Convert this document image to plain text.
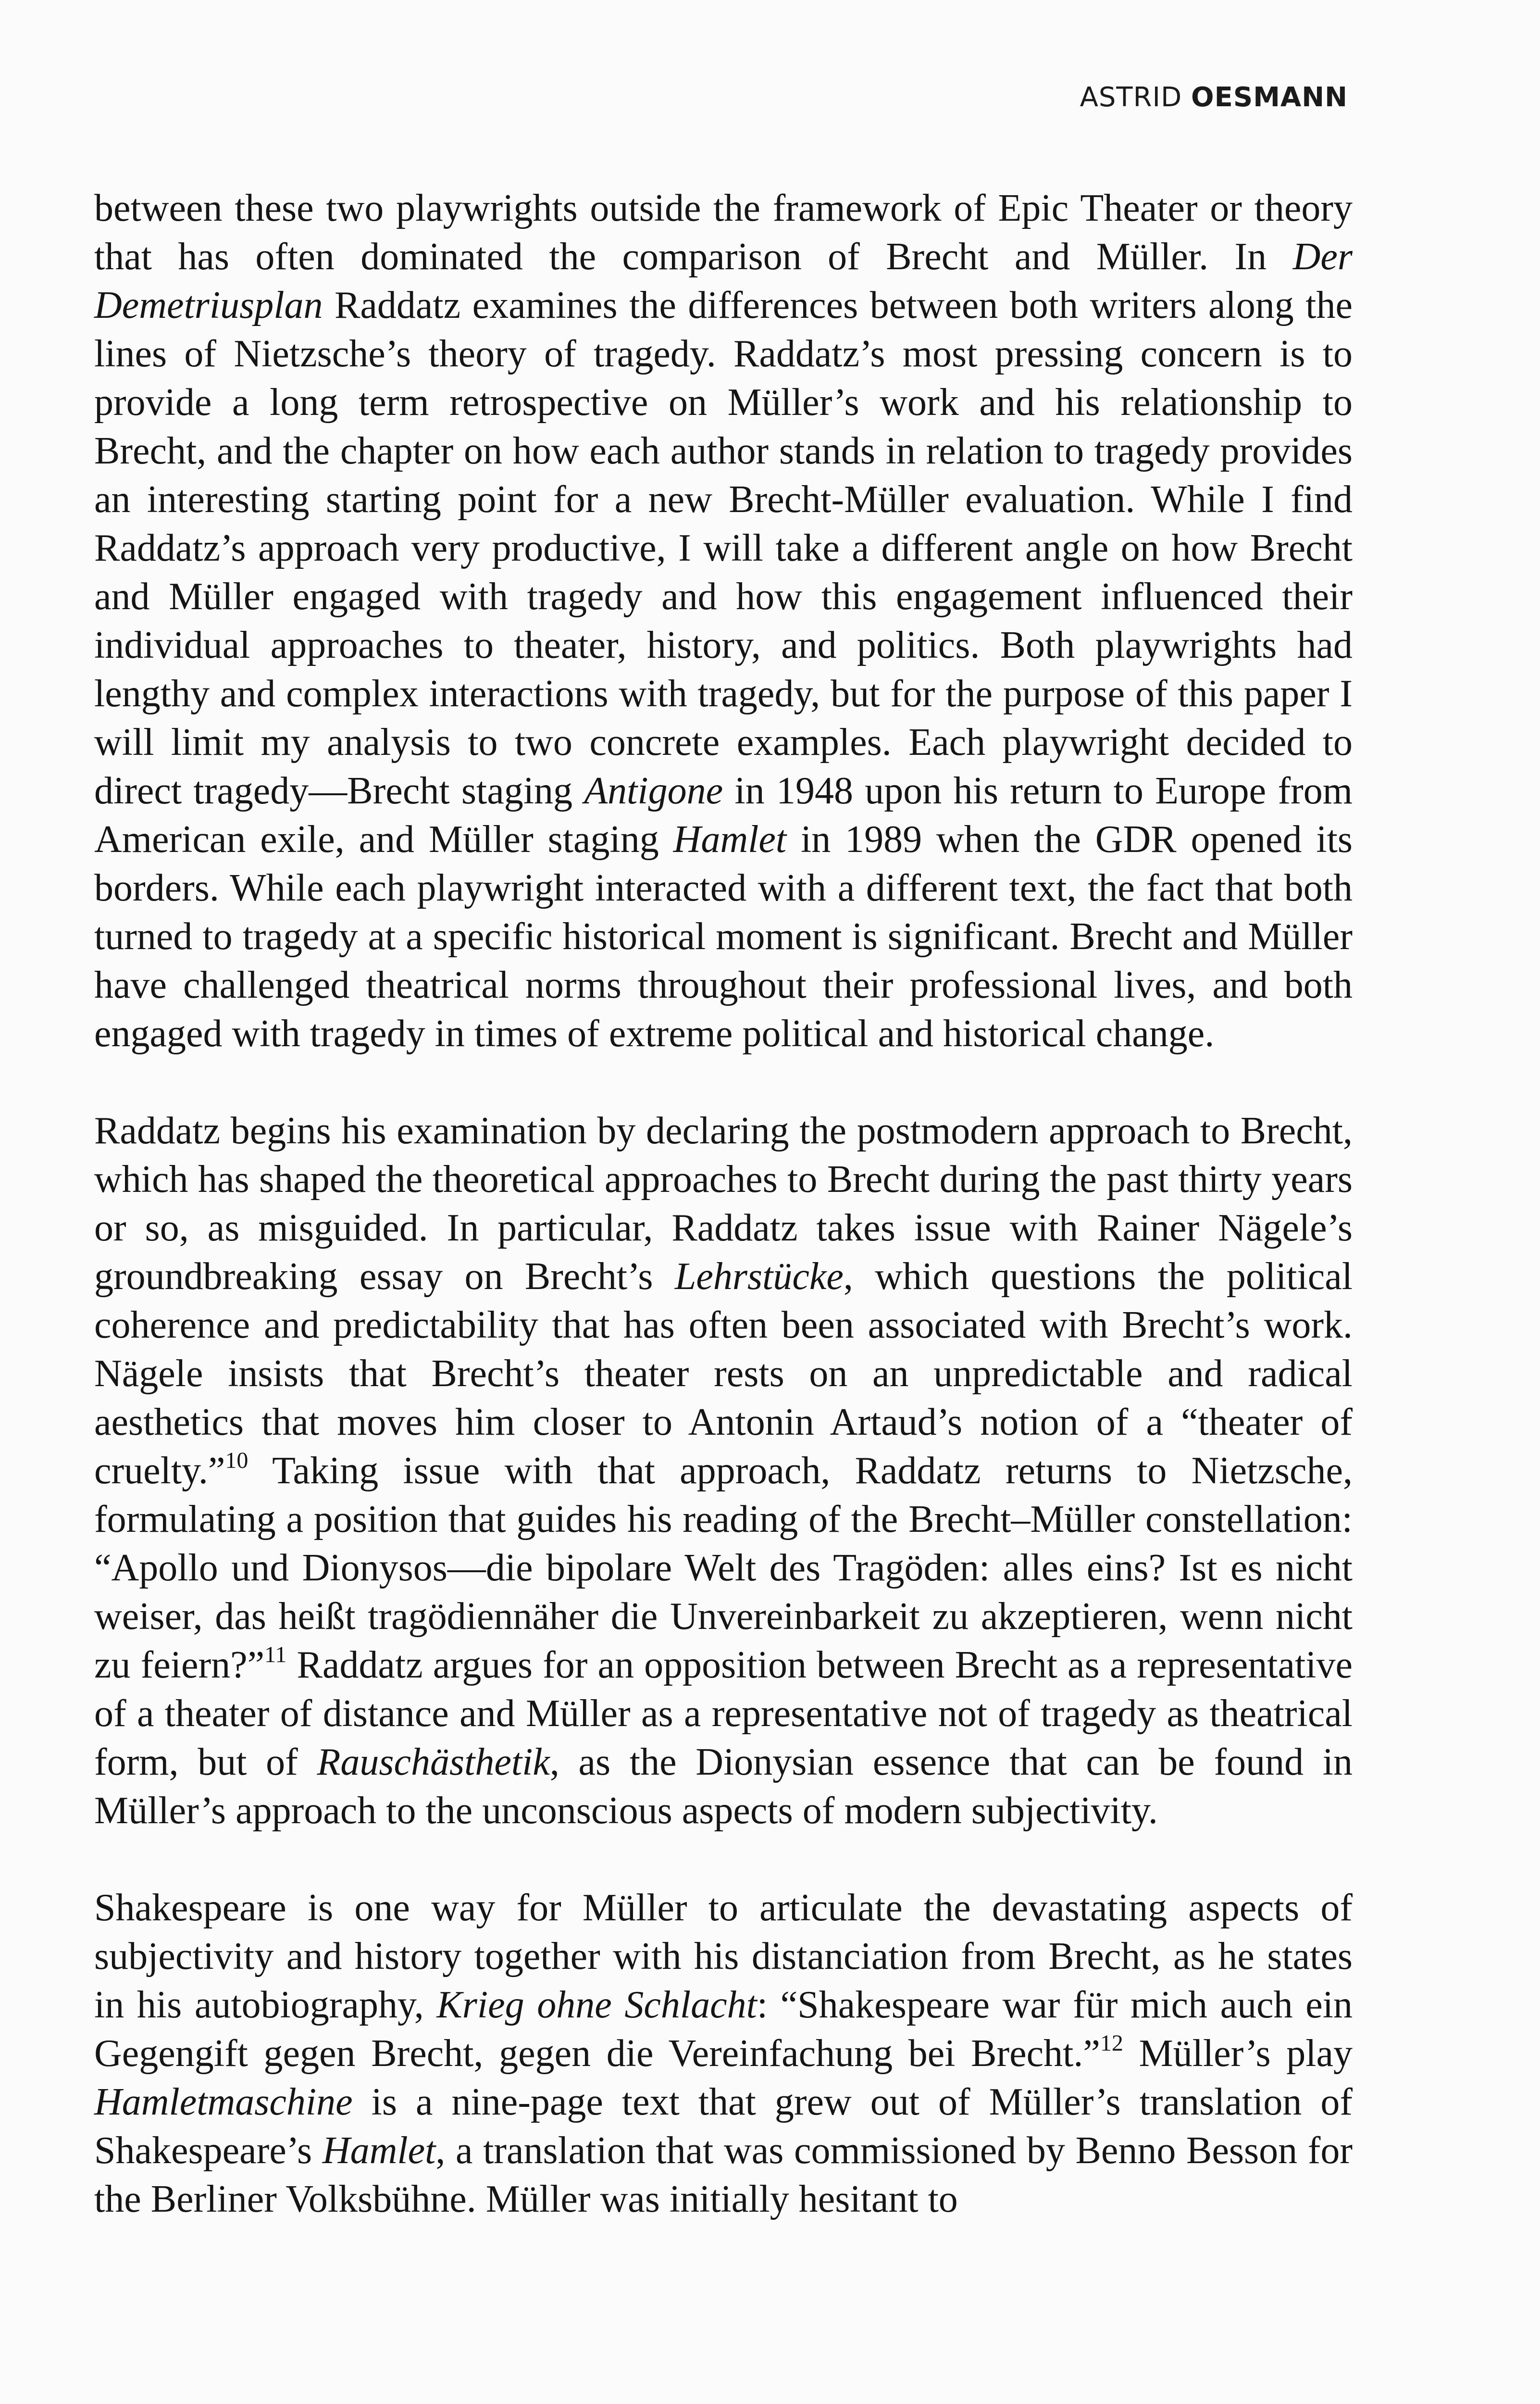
ASTRID OESMANN

between these two playwrights outside the framework of Epic Theater or theory that has often dominated the comparison of Brecht and Müller. In Der Demetriusplan Raddatz examines the differences between both writers along the lines of Nietzsche’s theory of tragedy. Raddatz’s most pressing concern is to provide a long term retrospective on Müller’s work and his relationship to Brecht, and the chapter on how each author stands in relation to tragedy provides an interesting starting point for a new Brecht-Müller evaluation. While I find Raddatz’s approach very productive, I will take a different angle on how Brecht and Müller engaged with tragedy and how this engagement influenced their individual approaches to theater, history, and politics. Both playwrights had lengthy and complex interactions with tragedy, but for the purpose of this paper I will limit my analysis to two concrete examples. Each playwright decided to direct tragedy—Brecht staging Antigone in 1948 upon his return to Europe from American exile, and Müller staging Hamlet in 1989 when the GDR opened its borders. While each playwright interacted with a different text, the fact that both turned to tragedy at a specific historical moment is significant. Brecht and Müller have challenged theatrical norms throughout their professional lives, and both engaged with tragedy in times of extreme political and historical change.

Raddatz begins his examination by declaring the postmodern approach to Brecht, which has shaped the theoretical approaches to Brecht during the past thirty years or so, as misguided. In particular, Raddatz takes issue with Rainer Nägele’s groundbreaking essay on Brecht’s Lehrstücke, which questions the political coherence and predictability that has often been associated with Brecht’s work. Nägele insists that Brecht’s theater rests on an unpredictable and radical aesthetics that moves him closer to Antonin Artaud’s notion of a “theater of cruelty.”$^{10}$ Taking issue with that approach, Raddatz returns to Nietzsche, formulating a position that guides his reading of the Brecht–Müller constellation: “Apollo und Dionysos—die bipolare Welt des Tragöden: alles eins? Ist es nicht weiser, das heißt tragödiennäher die Unvereinbarkeit zu akzeptieren, wenn nicht zu feiern?”$^{11}$ Raddatz argues for an opposition between Brecht as a representative of a theater of distance and Müller as a representative not of tragedy as theatrical form, but of Rauschästhetik, as the Dionysian essence that can be found in Müller’s approach to the unconscious aspects of modern subjectivity.

Shakespeare is one way for Müller to articulate the devastating aspects of subjectivity and history together with his distanciation from Brecht, as he states in his autobiography, Krieg ohne Schlacht: “Shakespeare war für mich auch ein Gegengift gegen Brecht, gegen die Vereinfachung bei Brecht.”$^{12}$ Müller’s play Hamletmaschine is a nine-page text that grew out of Müller’s translation of Shakespeare’s Hamlet, a translation that was commissioned by Benno Besson for the Berliner Volksbühne. Müller was initially hesitant to
